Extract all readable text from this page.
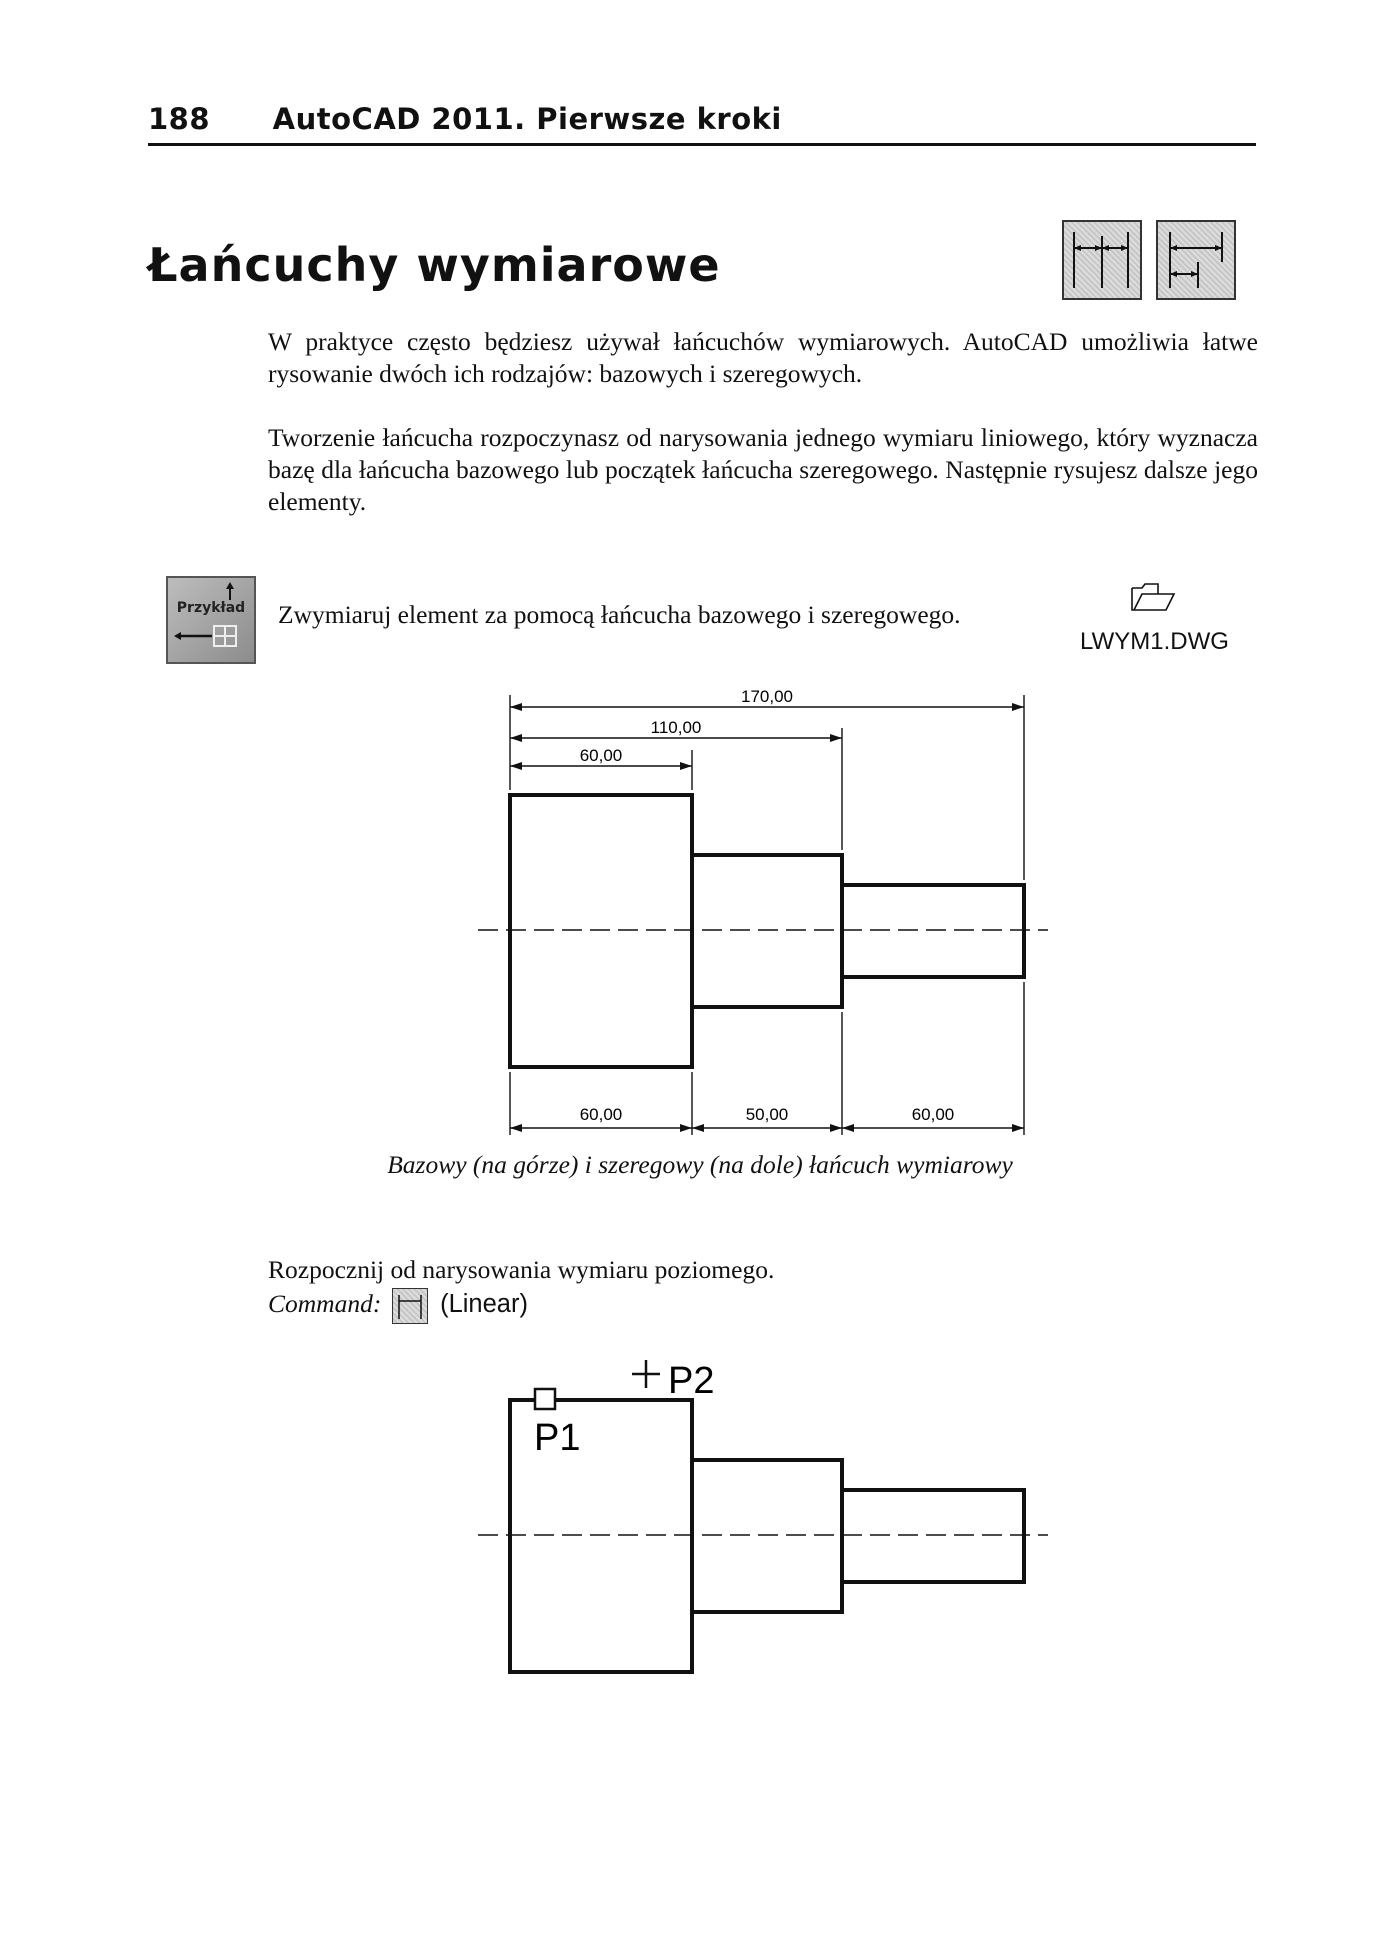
188 AutoCAD 2011. Pierwsze kroki
Łańcuchy wymiarowe
W praktyce często będziesz używał łańcuchów wymiarowych. AutoCAD umożliwia łatwe rysowanie dwóch ich rodzajów: bazowych i szeregowych.
Tworzenie łańcucha rozpoczynasz od narysowania jednego wymiaru liniowego, który wyznacza bazę dla łańcucha bazowego lub początek łańcucha szeregowego. Następnie rysujesz dalsze jego elementy.
Przykład	Zwymiaruj element za pomocą łańcucha bazowego i szeregowego.
LWYM1.DWG
170,00
110,00
60,00
60,00	50,00	60,00
Bazowy (na górze) i szeregowy (na dole) łańcuch wymiarowy
Rozpocznij od narysowania wymiaru poziomego.
Command: (Linear)
P1
P2
